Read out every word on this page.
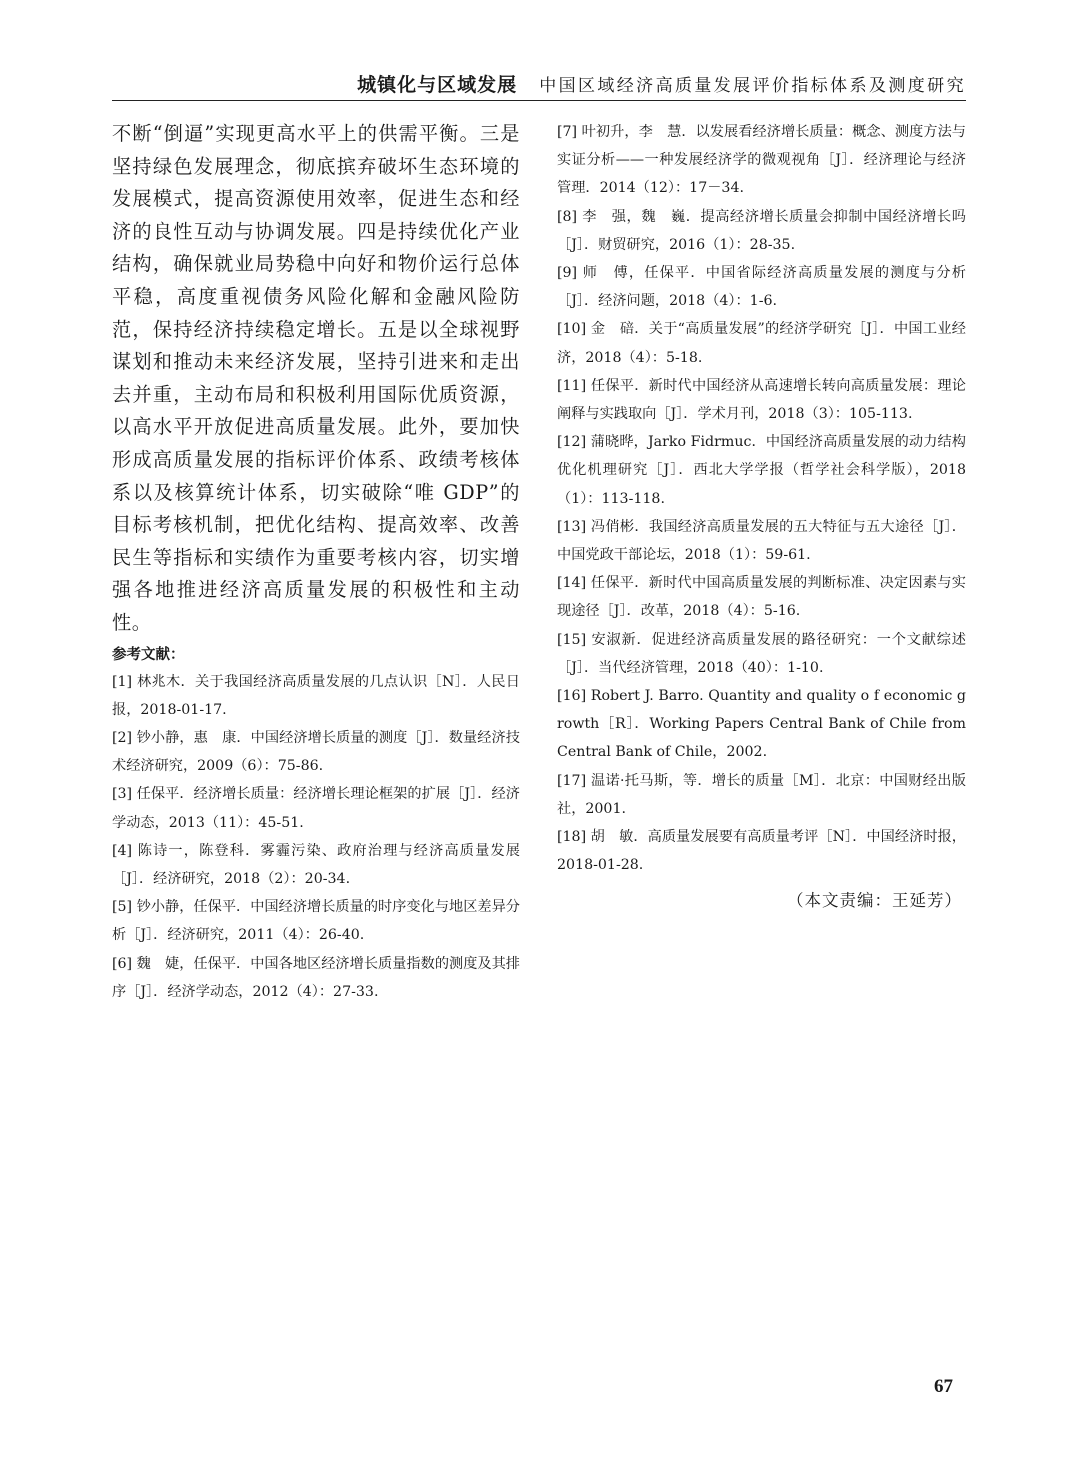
城镇化与区域发展 中国区域经济高质量发展评价指标体系及测度研究

不断“倒逼”实现更高水平上的供需平衡。三是坚持绿色发展理念，彻底摈弃破坏生态环境的发展模式，提高资源使用效率，促进生态和经济的良性互动与协调发展。四是持续优化产业结构，确保就业局势稳中向好和物价运行总体平稳，高度重视债务风险化解和金融风险防范，保持经济持续稳定增长。五是以全球视野谋划和推动未来经济发展，坚持引进来和走出去并重，主动布局和积极利用国际优质资源，以高水平开放促进高质量发展。此外，要加快形成高质量发展的指标评价体系、政绩考核体系以及核算统计体系，切实破除“唯 GDP”的目标考核机制，把优化结构、提高效率、改善民生等指标和实绩作为重要考核内容，切实增强各地推进经济高质量发展的积极性和主动性。

参考文献：

[1] 林兆木．关于我国经济高质量发展的几点认识［N］．人民日报，2018-01-17.

[2] 钞小静，惠　康．中国经济增长质量的测度［J］．数量经济技术经济研究，2009（6）：75-86.

[3] 任保平．经济增长质量：经济增长理论框架的扩展［J］．经济学动态，2013（11）：45-51.

[4] 陈诗一，陈登科．雾霾污染、政府治理与经济高质量发展［J］．经济研究，2018（2）：20-34.

[5] 钞小静，任保平．中国经济增长质量的时序变化与地区差异分析［J］．经济研究，2011（4）：26-40.

[6] 魏　婕，任保平．中国各地区经济增长质量指数的测度及其排序［J］．经济学动态，2012（4）：27-33.

[7] 叶初升，李　慧．以发展看经济增长质量：概念、测度方法与实证分析——一种发展经济学的微观视角［J］．经济理论与经济管理．2014（12）：17－34.

[8] 李　强，魏　巍．提高经济增长质量会抑制中国经济增长吗［J］．财贸研究，2016（1）：28-35.

[9] 师　傅，任保平．中国省际经济高质量发展的测度与分析［J］．经济问题，2018（4）：1-6.

[10] 金　碚．关于“高质量发展”的经济学研究［J］．中国工业经济，2018（4）：5-18.

[11] 任保平．新时代中国经济从高速增长转向高质量发展：理论阐释与实践取向［J］．学术月刊，2018（3）：105-113.

[12] 蒲晓晔，Jarko Fidrmuc．中国经济高质量发展的动力结构优化机理研究［J］．西北大学学报（哲学社会科学版），2018（1）：113-118.

[13] 冯俏彬．我国经济高质量发展的五大特征与五大途径［J］．中国党政干部论坛，2018（1）：59-61.

[14] 任保平．新时代中国高质量发展的判断标准、决定因素与实现途径［J］．改革，2018（4）：5-16.

[15] 安淑新．促进经济高质量发展的路径研究：一个文献综述［J］．当代经济管理，2018（40）：1-10.

[16] Robert J. Barro. Quantity and quality o f economic growth［R］．Working Papers Central Bank of Chile from Central Bank of Chile，2002.

[17] 温诺·托马斯，等．增长的质量［M］．北京：中国财经出版社，2001.

[18] 胡　敏．高质量发展要有高质量考评［N］．中国经济时报，2018-01-28.

（本文责编：王延芳）
67
